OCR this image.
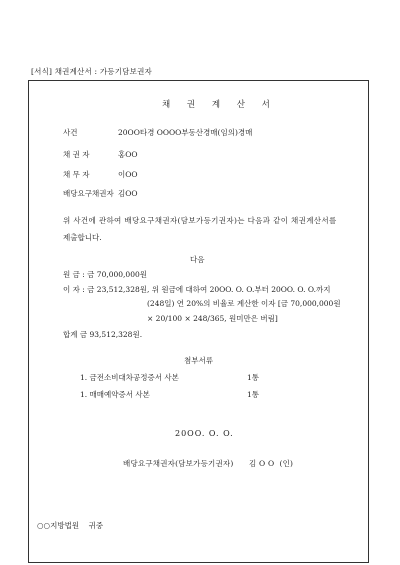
[서식] 채권계산서 : 가등기담보권자
채 권 계 산 서
사건	20OO타경 OOOO부동산경매(임의)경매
채 권 자	홍OO
채 무 자	이OO
배당요구채권자 김OO
위 사건에 관하여 배당요구채권자(담보가등기권자)는 다음과 같이 채권계산서를
제출합니다.
다음
원 금 : 금 70,000,000원
이 자 : 금 23,512,328원, 위 원금에 대하여 20OO. O. O.부터 20OO. O. O.까지
(248일) 연 20%의 비율로 계산한 이자 [금 70,000,000원
× 20/100 × 248/365, 원미만은 버림]
합계 금 93,512,328원.
첨부서류
1. 금전소비대차공정증서 사본	1통
1. 매매예약증서 사본	1통
20OO. O. O.
배당요구채권자(담보가등기권자)      김 O O  (인)
○○지방법원    귀중
